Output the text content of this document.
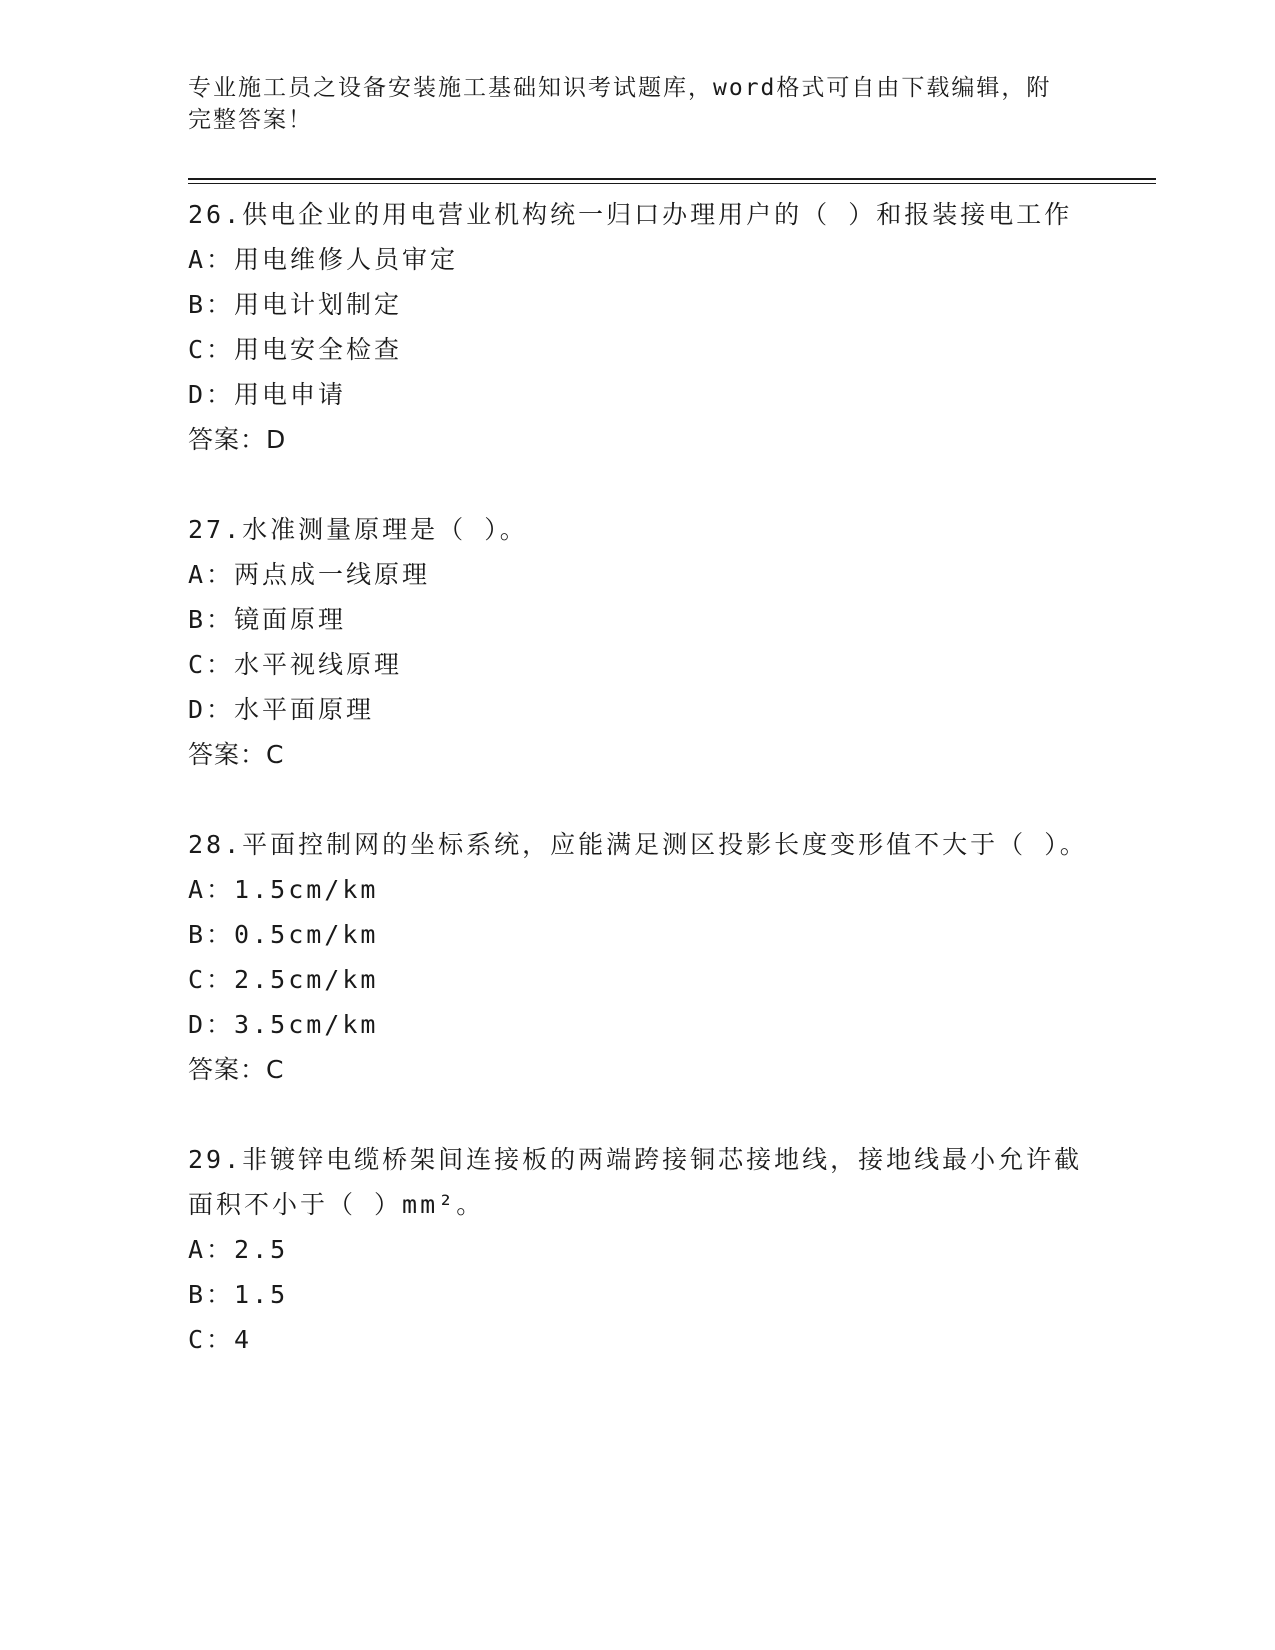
专业施工员之设备安装施工基础知识考试题库，word格式可自由下载编辑，附完整答案！
26.供电企业的用电营业机构统一归口办理用户的（ ）和报装接电工作
A：用电维修人员审定
B：用电计划制定
C：用电安全检查
D：用电申请
答案：D
27.水准测量原理是（ ）。
A：两点成一线原理
B：镜面原理
C：水平视线原理
D：水平面原理
答案：C
28.平面控制网的坐标系统，应能满足测区投影长度变形值不大于（ ）。
A：1.5cm/km
B：0.5cm/km
C：2.5cm/km
D：3.5cm/km
答案：C
29.非镀锌电缆桥架间连接板的两端跨接铜芯接地线，接地线最小允许截面积不小于（ ）mm²。
A：2.5
B：1.5
C：4
